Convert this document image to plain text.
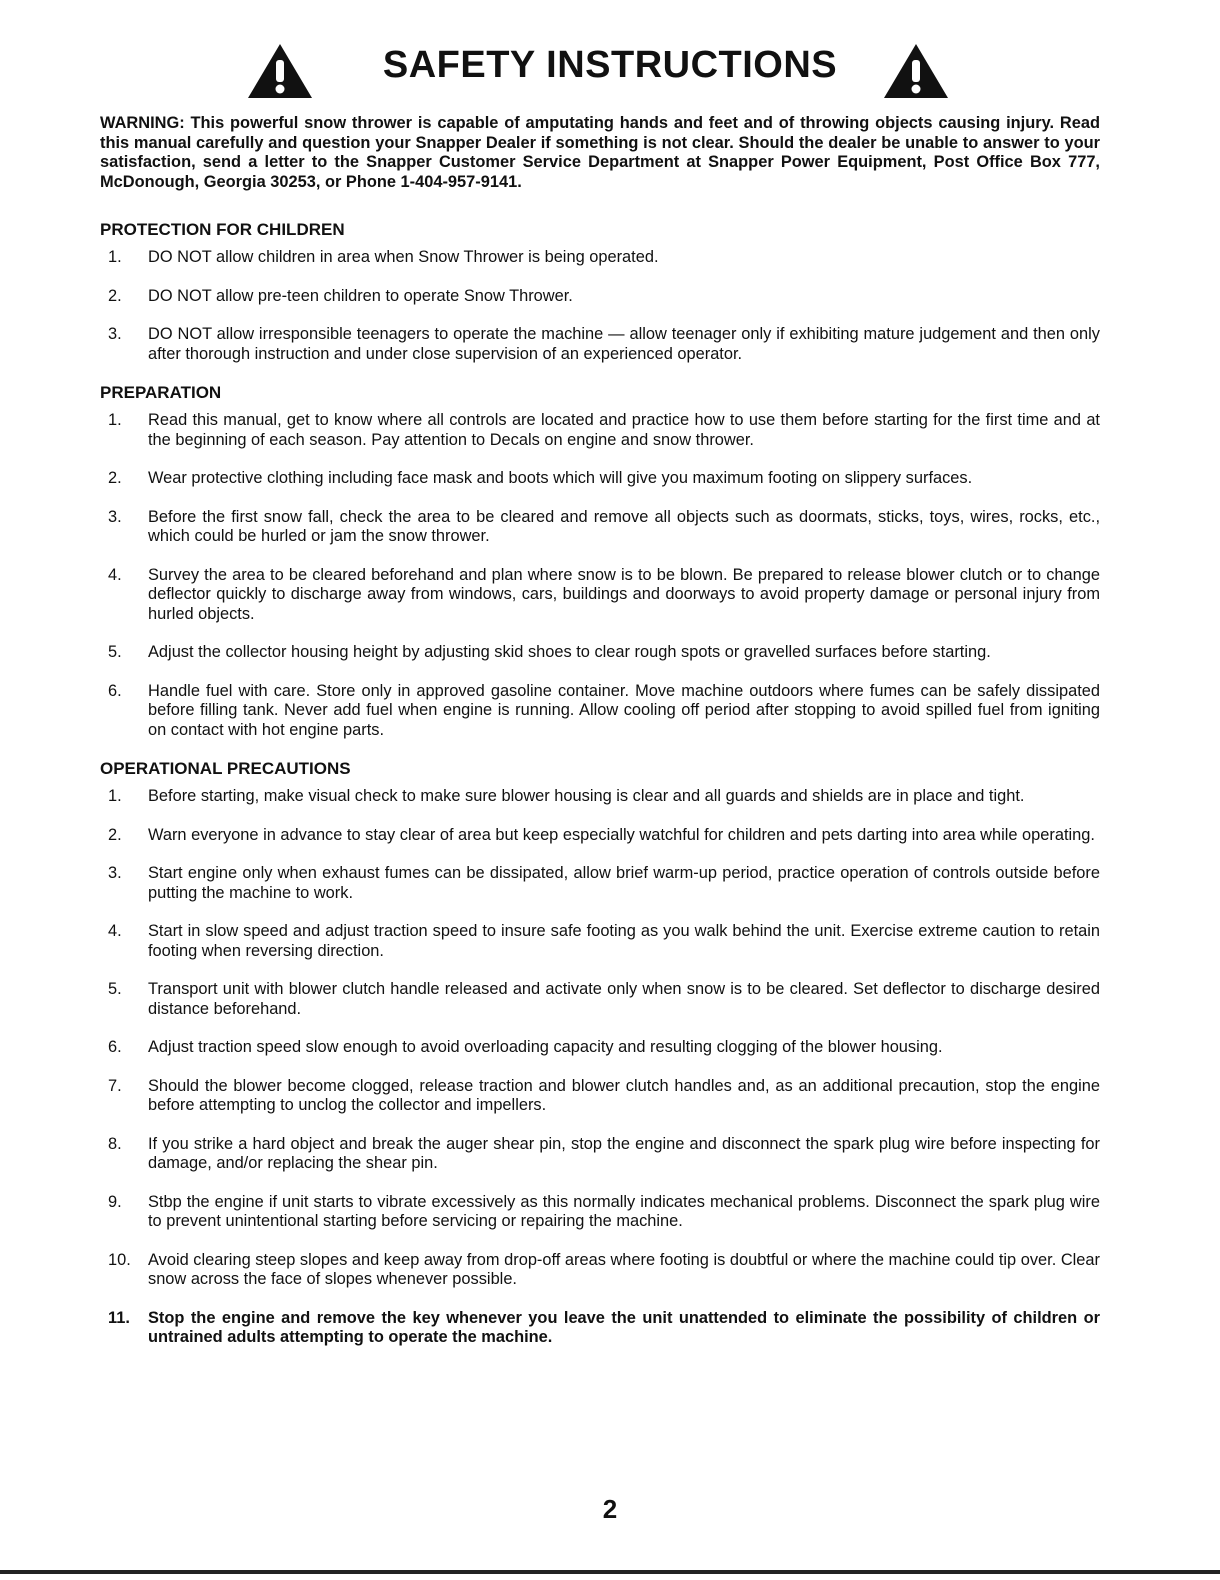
SAFETY INSTRUCTIONS
WARNING: This powerful snow thrower is capable of amputating hands and feet and of throwing objects causing injury. Read this manual carefully and question your Snapper Dealer if something is not clear. Should the dealer be unable to answer to your satisfaction, send a letter to the Snapper Customer Service Department at Snapper Power Equipment, Post Office Box 777, McDonough, Georgia 30253, or Phone 1-404-957-9141.
PROTECTION FOR CHILDREN
1.	DO NOT allow children in area when Snow Thrower is being operated.
2.	DO NOT allow pre-teen children to operate Snow Thrower.
3.	DO NOT allow irresponsible teenagers to operate the machine — allow teenager only if exhibiting mature judgement and then only after thorough instruction and under close supervision of an experienced operator.
PREPARATION
1.	Read this manual, get to know where all controls are located and practice how to use them before starting for the first time and at the beginning of each season. Pay attention to Decals on engine and snow thrower.
2.	Wear protective clothing including face mask and boots which will give you maximum footing on slippery surfaces.
3.	Before the first snow fall, check the area to be cleared and remove all objects such as doormats, sticks, toys, wires, rocks, etc., which could be hurled or jam the snow thrower.
4.	Survey the area to be cleared beforehand and plan where snow is to be blown. Be prepared to release blower clutch or to change deflector quickly to discharge away from windows, cars, buildings and doorways to avoid property damage or personal injury from hurled objects.
5.	Adjust the collector housing height by adjusting skid shoes to clear rough spots or gravelled surfaces before starting.
6.	Handle fuel with care. Store only in approved gasoline container. Move machine outdoors where fumes can be safely dissipated before filling tank. Never add fuel when engine is running. Allow cooling off period after stopping to avoid spilled fuel from igniting on contact with hot engine parts.
OPERATIONAL PRECAUTIONS
1.	Before starting, make visual check to make sure blower housing is clear and all guards and shields are in place and tight.
2.	Warn everyone in advance to stay clear of area but keep especially watchful for children and pets darting into area while operating.
3.	Start engine only when exhaust fumes can be dissipated, allow brief warm-up period, practice operation of controls outside before putting the machine to work.
4.	Start in slow speed and adjust traction speed to insure safe footing as you walk behind the unit. Exercise extreme caution to retain footing when reversing direction.
5.	Transport unit with blower clutch handle released and activate only when snow is to be cleared. Set deflector to discharge desired distance beforehand.
6.	Adjust traction speed slow enough to avoid overloading capacity and resulting clogging of the blower housing.
7.	Should the blower become clogged, release traction and blower clutch handles and, as an additional precaution, stop the engine before attempting to unclog the collector and impellers.
8.	If you strike a hard object and break the auger shear pin, stop the engine and disconnect the spark plug wire before inspecting for damage, and/or replacing the shear pin.
9.	Stbp the engine if unit starts to vibrate excessively as this normally indicates mechanical problems. Disconnect the spark plug wire to prevent unintentional starting before servicing or repairing the machine.
10.	Avoid clearing steep slopes and keep away from drop-off areas where footing is doubtful or where the machine could tip over. Clear snow across the face of slopes whenever possible.
11.	Stop the engine and remove the key whenever you leave the unit unattended to eliminate the possibility of children or untrained adults attempting to operate the machine.
2
